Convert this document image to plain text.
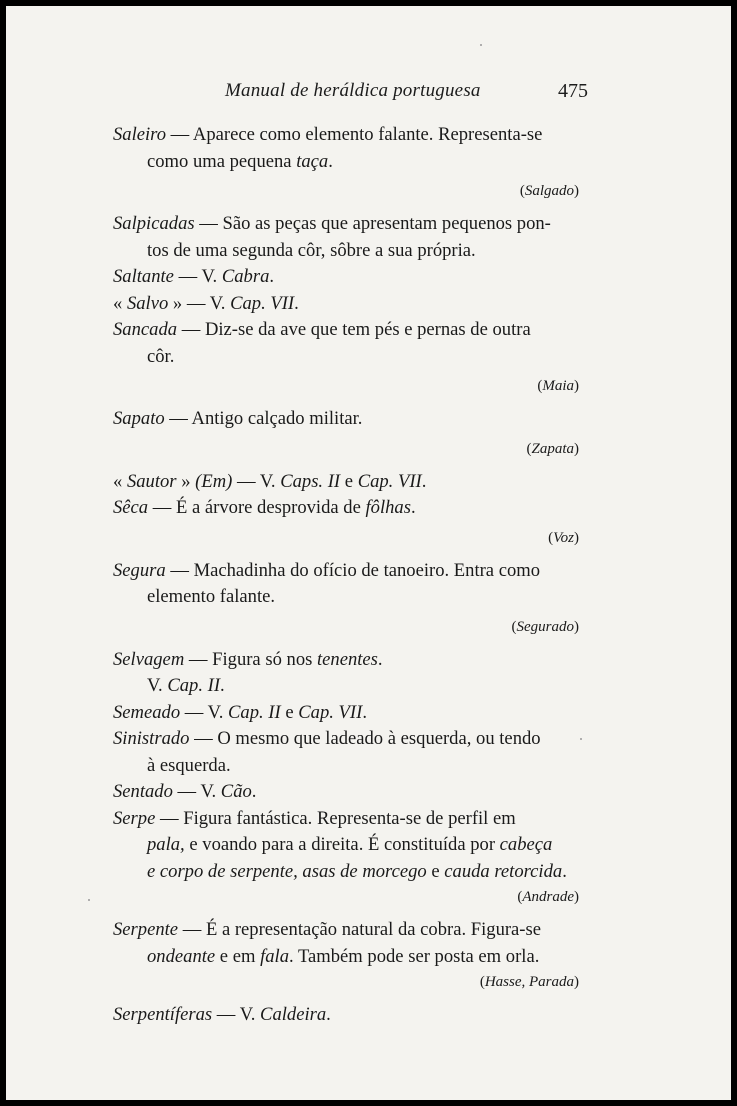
Manual de heráldica portuguesa	475
Saleiro — Aparece como elemento falante. Representa-se
como uma pequena taça.
(Salgado)
Salpicadas — São as peças que apresentam pequenos pon-
tos de uma segunda côr, sôbre a sua própria.
Saltante — V. Cabra.
« Salvo » — V. Cap. VII.
Sancada — Diz-se da ave que tem pés e pernas de outra
côr.
(Maia)
Sapato — Antigo calçado militar.
(Zapata)
« Sautor » (Em) — V. Caps. II e Cap. VII.
Sêca — É a árvore desprovida de fôlhas.
(Voz)
Segura — Machadinha do ofício de tanoeiro. Entra como
elemento falante.
(Segurado)
Selvagem — Figura só nos tenentes.
V. Cap. II.
Semeado — V. Cap. II e Cap. VII.
Sinistrado — O mesmo que ladeado à esquerda, ou tendo
à esquerda.
Sentado — V. Cão.
Serpe — Figura fantástica. Representa-se de perfil em
pala, e voando para a direita. É constituída por cabeça
e corpo de serpente, asas de morcego e cauda retorcida.
(Andrade)
Serpente — É a representação natural da cobra. Figura-se
ondeante e em fala. Também pode ser posta em orla.
(Hasse, Parada)
Serpentíferas — V. Caldeira.
